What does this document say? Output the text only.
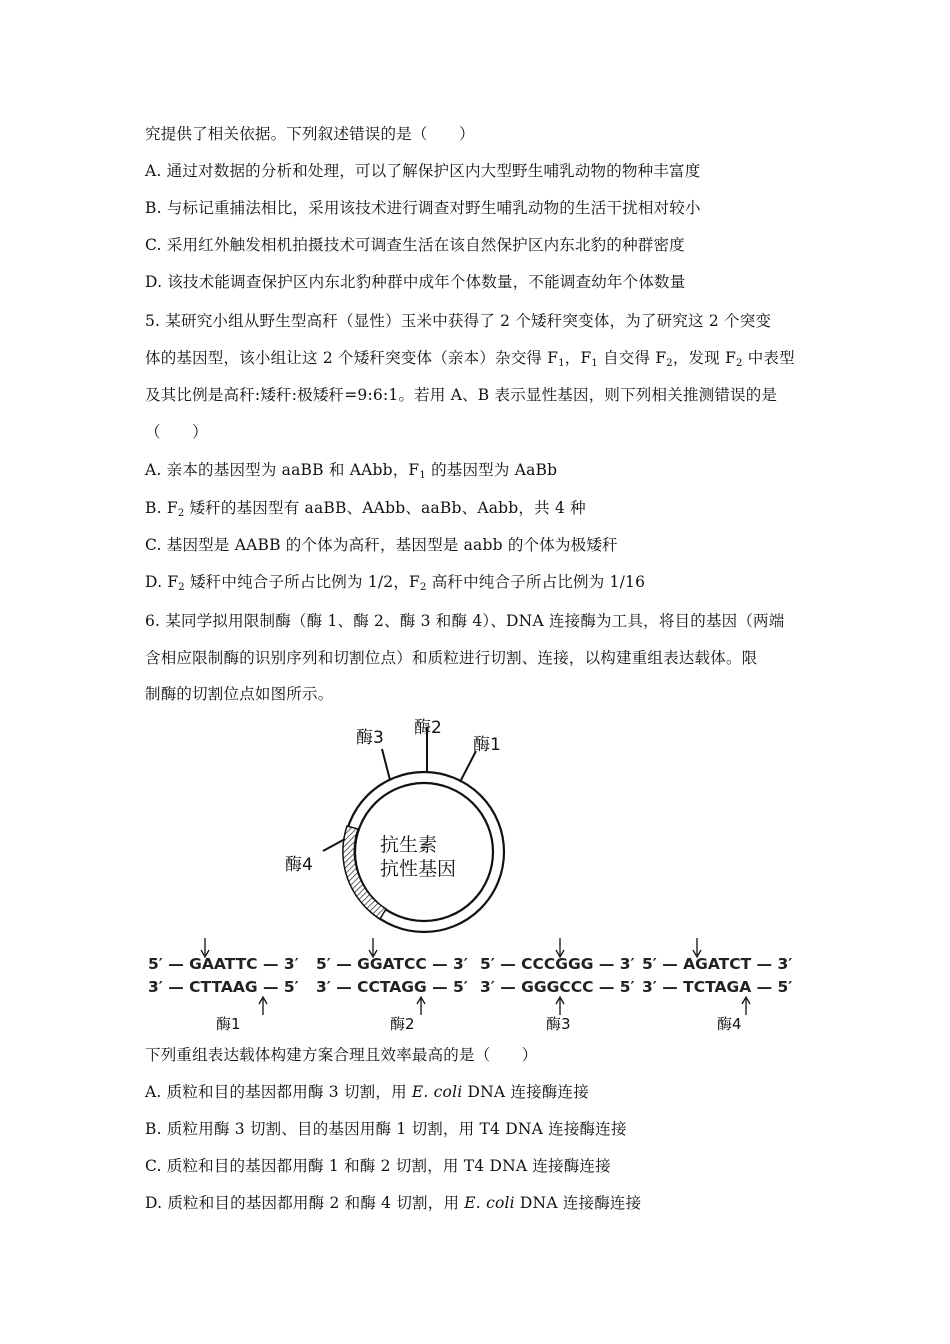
究提供了相关依据。下列叙述错误的是（　　）
A. 通过对数据的分析和处理，可以了解保护区内大型野生哺乳动物的物种丰富度
B. 与标记重捕法相比，采用该技术进行调查对野生哺乳动物的生活干扰相对较小
C. 采用红外触发相机拍摄技术可调查生活在该自然保护区内东北豹的种群密度
D. 该技术能调查保护区内东北豹种群中成年个体数量，不能调查幼年个体数量
5. 某研究小组从野生型高秆（显性）玉米中获得了 2 个矮秆突变体，为了研究这 2 个突变
体的基因型，该小组让这 2 个矮秆突变体（亲本）杂交得 $F_1$，$F_1$ 自交得 $F_2$，发现 $F_2$ 中表型
及其比例是高秆:矮秆:极矮秆=9:6:1。若用 A、B 表示显性基因，则下列相关推测错误的是
（　　）
A. 亲本的基因型为 aaBB 和 AAbb，$F_1$ 的基因型为 AaBb
B. $F_2$ 矮秆的基因型有 aaBB、AAbb、aaBb、Aabb，共 4 种
C. 基因型是 AABB 的个体为高秆，基因型是 aabb 的个体为极矮秆
D. $F_2$ 矮秆中纯合子所占比例为 1/2，$F_2$ 高秆中纯合子所占比例为 1/16
6. 某同学拟用限制酶（酶 1、酶 2、酶 3 和酶 4）、DNA 连接酶为工具，将目的基因（两端
含相应限制酶的识别序列和切割位点）和质粒进行切割、连接，以构建重组表达载体。限
制酶的切割位点如图所示。
酶3 酶2
酶1
酶4
抗生素
抗性基因
5′ — GAATTC — 3′
3′ — CTTAAG — 5′
酶1
5′ — GGATCC — 3′
3′ — CCTAGG — 5′
酶2
5′ — CCCGGG — 3′
3′ — GGGCCC — 5′
酶3
5′ — AGATCT — 3′
3′ — TCTAGA — 5′
酶4
下列重组表达载体构建方案合理且效率最高的是（　　）
A. 质粒和目的基因都用酶 3 切割，用 E. coli DNA 连接酶连接
B. 质粒用酶 3 切割、目的基因用酶 1 切割，用 T4 DNA 连接酶连接
C. 质粒和目的基因都用酶 1 和酶 2 切割，用 T4 DNA 连接酶连接
D. 质粒和目的基因都用酶 2 和酶 4 切割，用 E. coli DNA 连接酶连接
